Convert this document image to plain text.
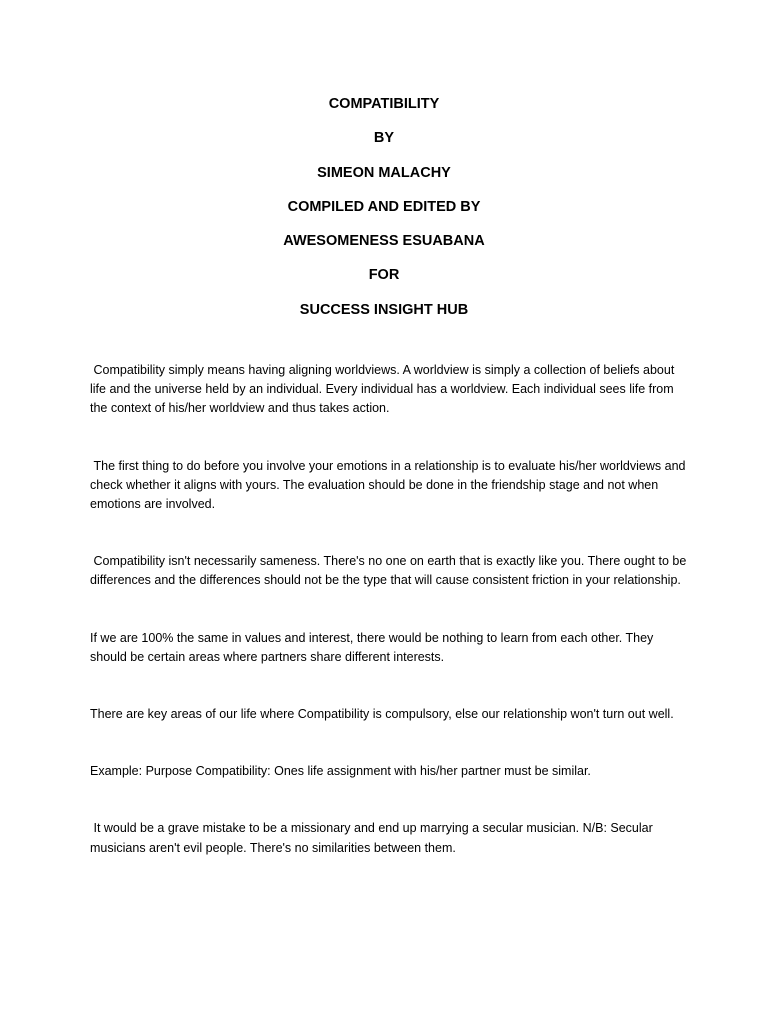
COMPATIBILITY
BY
SIMEON MALACHY
COMPILED AND EDITED BY
AWESOMENESS ESUABANA
FOR
SUCCESS INSIGHT HUB

Compatibility simply means having aligning worldviews. A worldview is simply a collection of beliefs about life and the universe held by an individual. Every individual has a worldview. Each individual sees life from the context of his/her worldview and thus takes action.

The first thing to do before you involve your emotions in a relationship is to evaluate his/her worldviews and check whether it aligns with yours. The evaluation should be done in the friendship stage and not when emotions are involved.

Compatibility isn't necessarily sameness. There's no one on earth that is exactly like you. There ought to be differences and the differences should not be the type that will cause consistent friction in your relationship.

If we are 100% the same in values and interest, there would be nothing to learn from each other. They should be certain areas where partners share different interests.

There are key areas of our life where Compatibility is compulsory, else our relationship won't turn out well.

Example: Purpose Compatibility: Ones life assignment with his/her partner must be similar.

It would be a grave mistake to be a missionary and end up marrying a secular musician. N/B: Secular musicians aren't evil people. There's no similarities between them.
